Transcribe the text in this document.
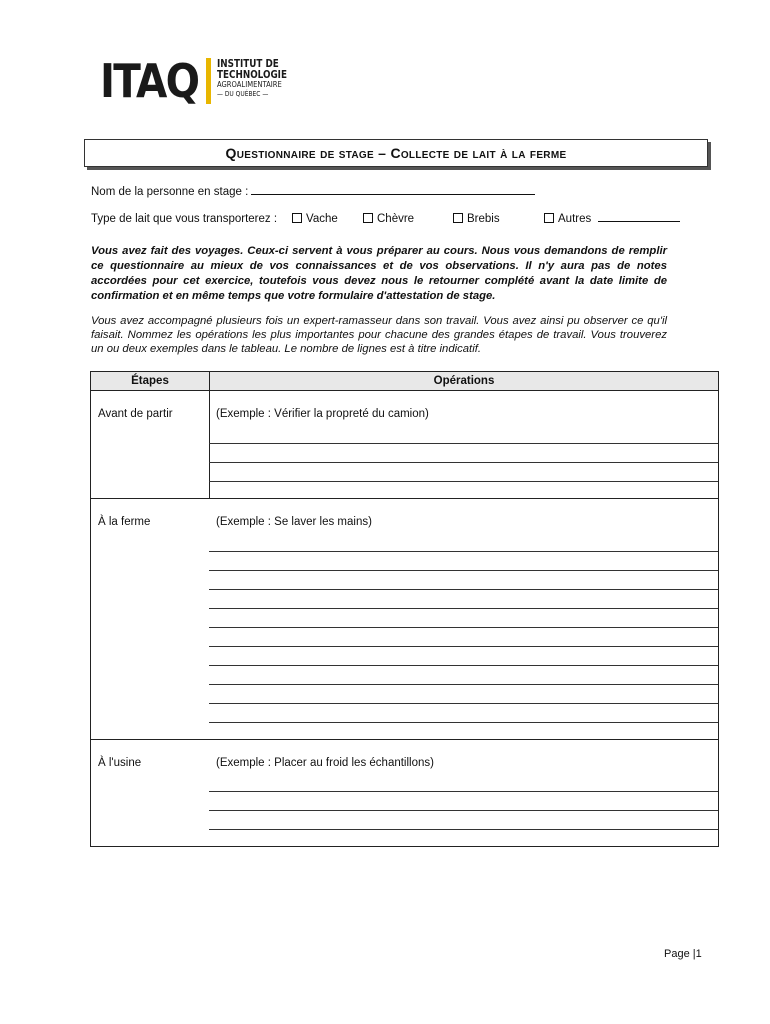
ITAQ INSTITUT DE
TECHNOLOGIE
AGROALIMENTAIRE
— DU QUÉBEC —
Questionnaire de stage – Collecte de lait à la ferme
Nom de la personne en stage :
Type de lait que vous transporterez :	Vache	Chèvre	Brebis	Autres
Vous avez fait des voyages. Ceux-ci servent à vous préparer au cours. Nous vous demandons de remplir ce questionnaire au mieux de vos connaissances et de vos observations. Il n'y aura pas de notes accordées pour cet exercice, toutefois vous devez nous le retourner complété avant la date limite de confirmation et en même temps que votre formulaire d'attestation de stage.
Vous avez accompagné plusieurs fois un expert-ramasseur dans son travail. Vous avez ainsi pu observer ce qu'il faisait. Nommez les opérations les plus importantes pour chacune des grandes étapes de travail. Vous trouverez un ou deux exemples dans le tableau. Le nombre de lignes est à titre indicatif.
Étapes	Opérations
Avant de partir	(Exemple : Vérifier la propreté du camion)
À la ferme	(Exemple : Se laver les mains)
À l'usine	(Exemple : Placer au froid les échantillons)
Page |1
